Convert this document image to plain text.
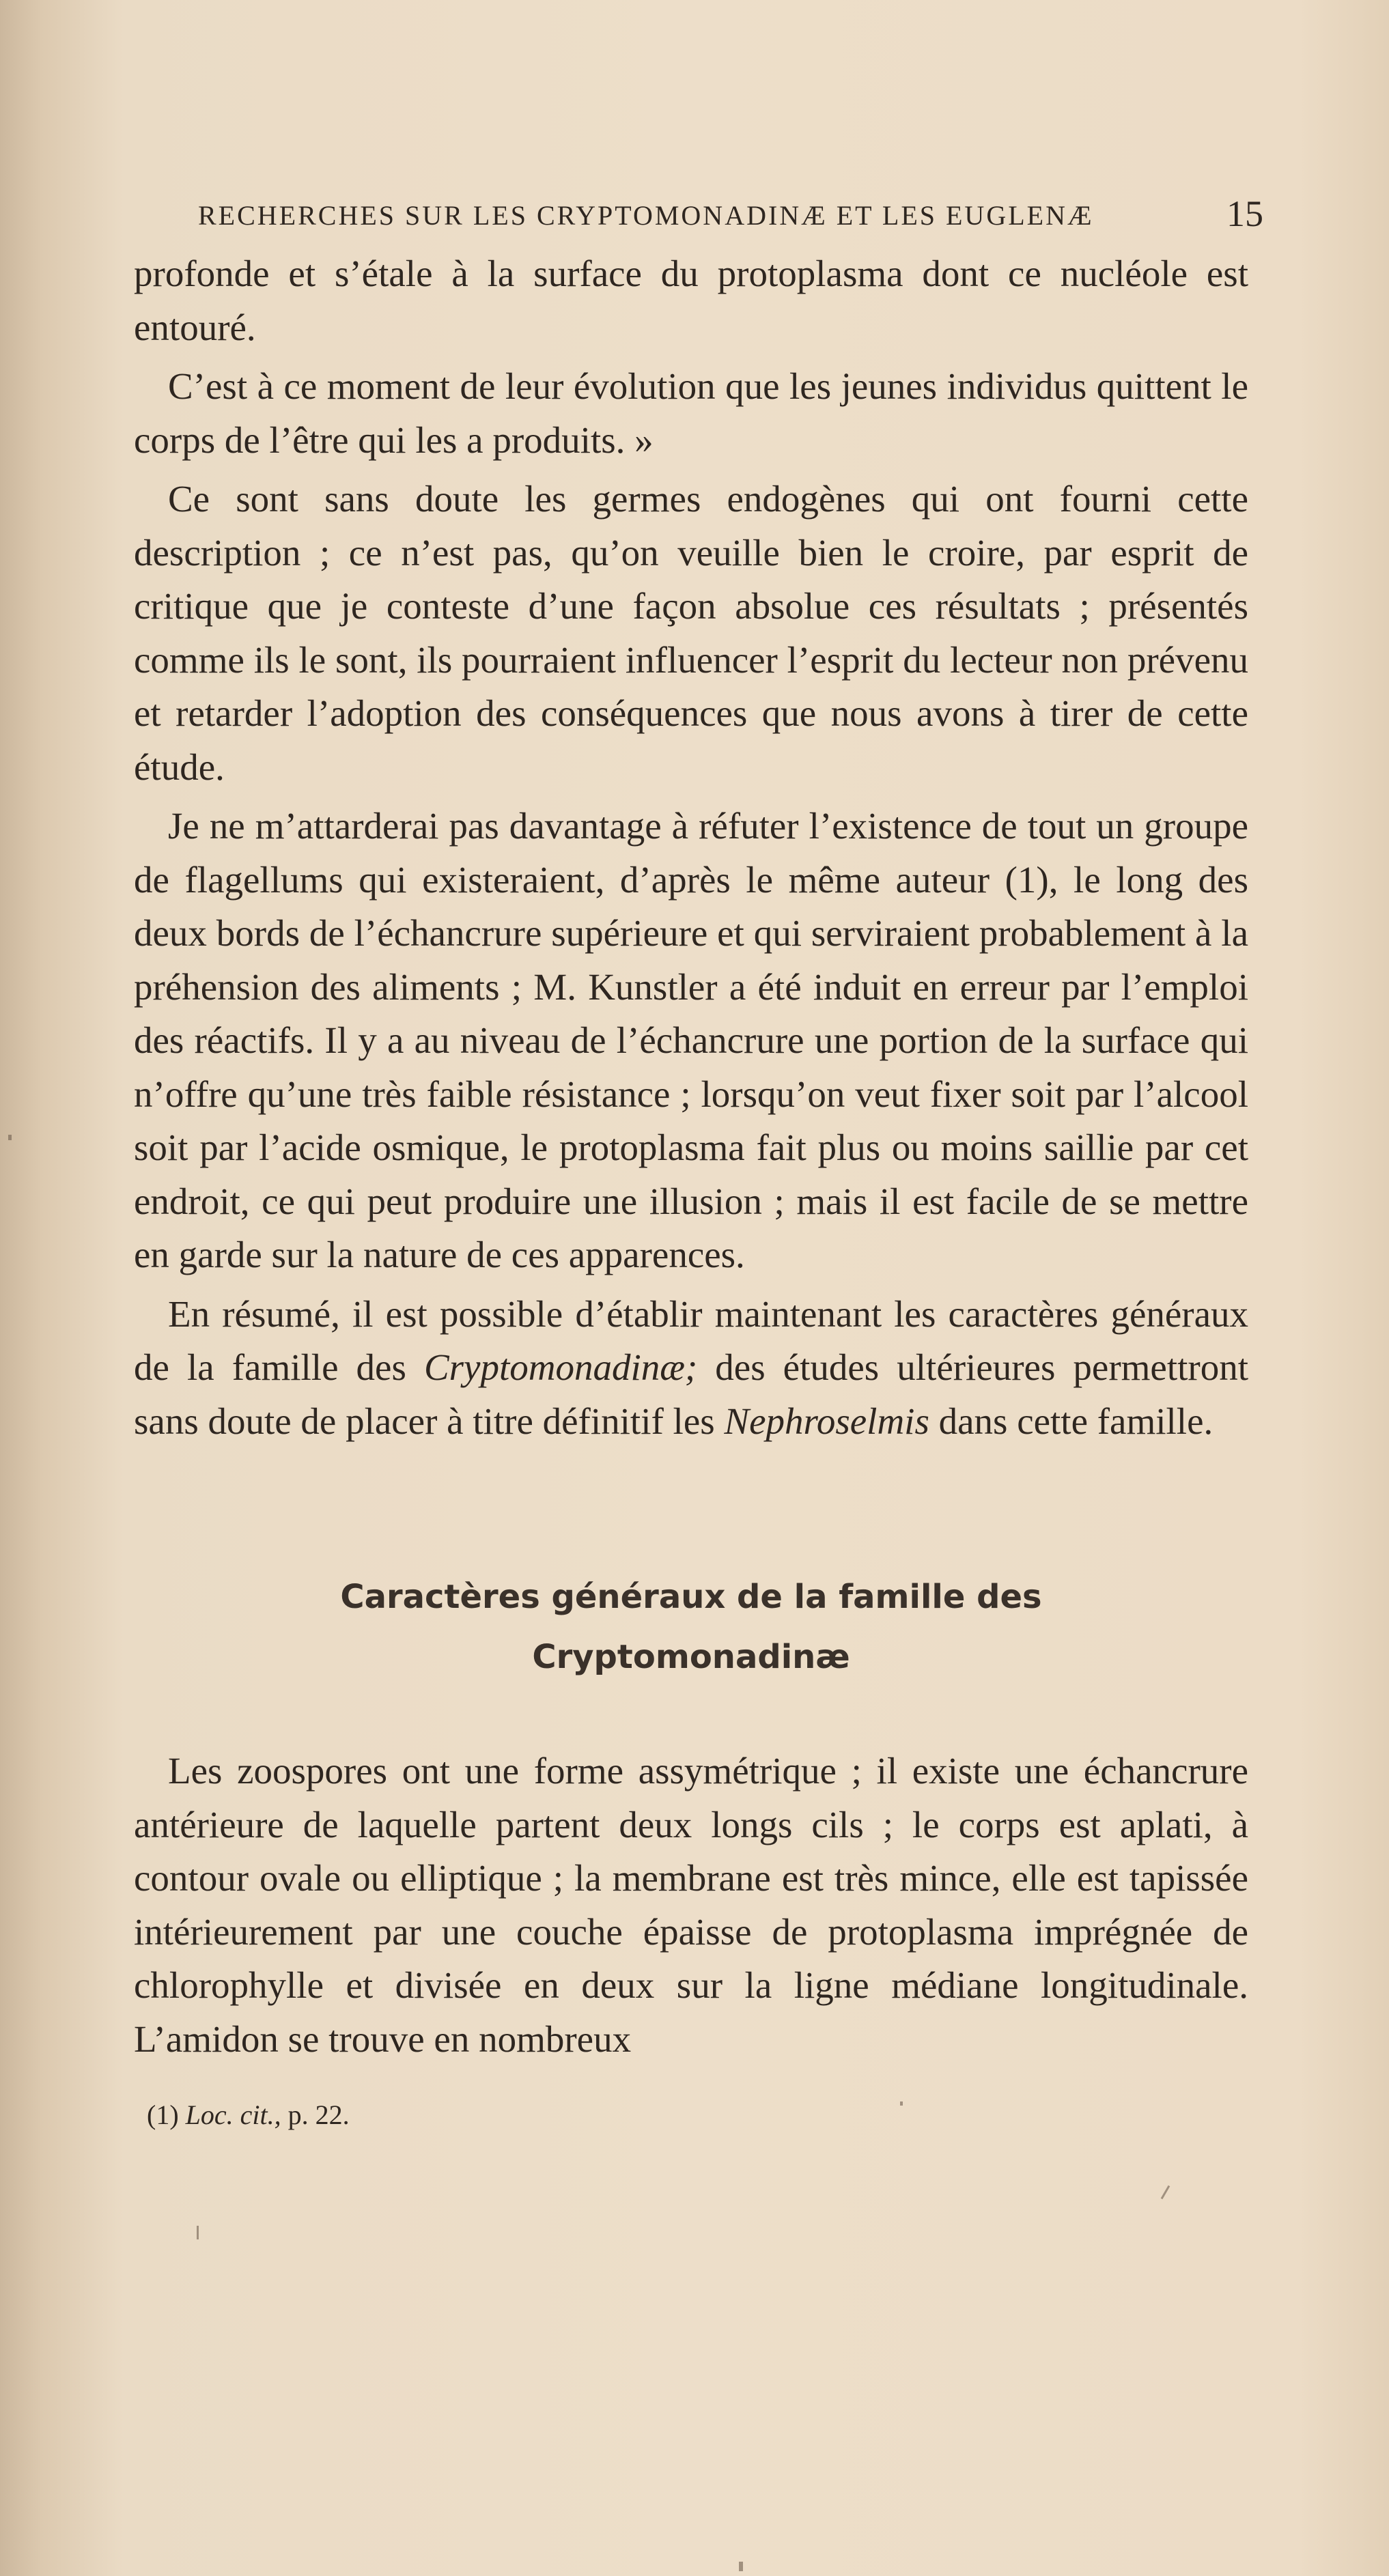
RECHERCHES SUR LES CRYPTOMONADINÆ ET LES EUGLENÆ	15

profonde et s’étale à la surface du protoplasma dont ce nucléole est entouré.

C’est à ce moment de leur évolution que les jeunes individus quittent le corps de l’être qui les a produits. »

Ce sont sans doute les germes endogènes qui ont fourni cette description ; ce n’est pas, qu’on veuille bien le croire, par esprit de critique que je conteste d’une façon absolue ces résultats ; présentés comme ils le sont, ils pourraient influencer l’esprit du lecteur non prévenu et retarder l’adoption des conséquences que nous avons à tirer de cette étude.

Je ne m’attarderai pas davantage à réfuter l’existence de tout un groupe de flagellums qui existeraient, d’après le même auteur (1), le long des deux bords de l’échancrure supérieure et qui serviraient probablement à la préhension des aliments ; M. Kunstler a été induit en erreur par l’emploi des réactifs. Il y a au niveau de l’échancrure une portion de la surface qui n’offre qu’une très faible résistance ; lorsqu’on veut fixer soit par l’alcool soit par l’acide osmique, le protoplasma fait plus ou moins saillie par cet endroit, ce qui peut produire une illusion ; mais il est facile de se mettre en garde sur la nature de ces apparences.

En résumé, il est possible d’établir maintenant les caractères généraux de la famille des Cryptomonadinæ; des études ultérieures permettront sans doute de placer à titre définitif les Nephroselmis dans cette famille.

Caractères généraux de la famille des
Cryptomonadinæ

Les zoospores ont une forme assymétrique ; il existe une échancrure antérieure de laquelle partent deux longs cils ; le corps est aplati, à contour ovale ou elliptique ; la membrane est très mince, elle est tapissée intérieurement par une couche épaisse de protoplasma imprégnée de chlorophylle et divisée en deux sur la ligne médiane longitudinale. L’amidon se trouve en nombreux

(1) Loc. cit., p. 22.
